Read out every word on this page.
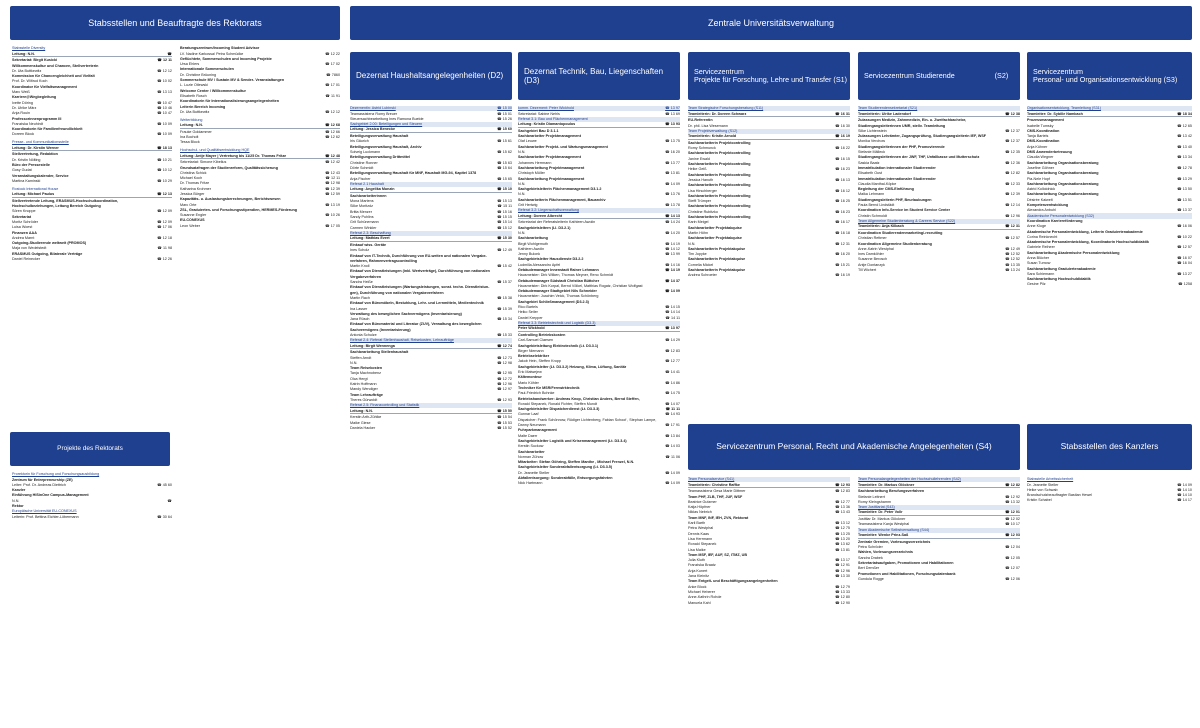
Stabsstellen und Beauftragte des Rektorats	Zentrale Universitätsverwaltung
Dezernat Haushaltsangelegenheiten (D2)
Dezernat Technik, Bau, Liegenschaften (D3)
Servicezentrum
Projekte für Forschung, Lehre und Transfer (S1)	Servicezentrum Studierende                    (S2)	Servicezentrum
Personal- und Organisationsentwicklung (S3)
Servicezentrum Personal, Recht und Akademische Angelegenheiten (S4)	Stabsstellen des Kanzlers
Projekte des Rektorats
Stabsstelle Diversity
Leitung: N.N.	☎
Sekretariat: Birgit Kusicki	☎ 12 11
Willkommenskultur und Chancen, Stellvertreterin
Dr. Uta Buttkewitz	☎ 12 12
Kommission für Chancengleichheit und Vielfalt
Prof. Dr. Wiltrud Koch	☎ 10 02
Koordinator für Vielfaltsmanagement
Marc Weiß	☎ 13 13
Karriere@Wegbegleitung
Ivette Döring	☎ 10 47
Dr. Ulrike März	☎ 10 46
Anja Rouin	☎ 10 47
Professorinnenprogramm III
Franziska Neuhirdt	☎ 10 09
Koordinatorin für Familienfreundlichkeit
Doreen Block	☎ 10 09
Presse- und Kommunikationsstelle
Leitung: Dr. Kirstin Werner	☎ 18 13
Stellvertretung, Redaktion
Dr. Kristin Nölting	☎ 10 21
Büro der Pressestelle
Gosy Gudat	☎ 10 12
Veranstaltungskalender, Service
Martina Kaminski	☎ 10 29
Rostock International House
Leitung: Michael Paulus	☎ 12 13
Stellvertretende Leitung, ERASMUS-Hochschulkoordination,
Hochschulbeziehungen, Leitung Bereich Outgoing
Sören Knoppe	☎ 12 09
Sekretariat
Moritz Schröder	☎ 12 09
Luisa Woest	☎ 17 06
Finanzen AAA
Andrea Marnt	☎ 12 18
Outgoing-Studierende weltweit (PROMOS)
Maja von Wedelstedt	☎ 11 98
ERASMUS Outgoing, Bilaterale Verträge
Daniel Reinecker	☎ 12 26
Beratungszentrum/Incoming Student Advisor
LV. Nadine Karkossa/ Petra Schmüdke	☎ 12 22
Geflüchtete, Sommerschulen und Incoming Projekte
Ursa Ehlers	☎ 17 02
Internationale Sommerschulen
Dr. Christine Brüuning	☎ 7860
Sommerschule MV / Sustain MV & Sender- Veranstaltungen
L. Luzie Otlewski	☎ 17 01
Welcome Center / Willkommenskultur
Elisabeth Rosch	☎ 11 91
Koordinatorin für Internationalisierungsangelegenheiten
Leiterin Bereich Incoming
Dr. Uta Buttkewitz	☎ 12 12
Weiterbildung
Leitung: N.N.	☎ 12 68
Frauke Goldammer	☎ 12 66
Ina Bocholt	☎ 12 62
Tessa Block
Hochschul- und Qualitätsentwicklung HQE
Leitung: Antje Mayer | Vertretung bis 11/25 Dr. Thomas Fritze	☎ 12 48
Sekretariat: Simone Kibellus	☎ 12 42
Grundsatzfragen der Studienreform, Qualitätssicherung
Christina Schick	☎ 12 43
Michael Koch	☎ 12 11
Dr. Thomas Fritze	☎ 12 98
Katharina Krohmer	☎ 12 39
Jessica Bürger	☎ 12 59
Kapazitäts- u. Auslastungsberechnungen, Berichtswesen
Marc Orte	☎ 13 19
ZSL, Graduierten- und Forschungsstipendien, HERMES-Förderung
Susanne Engler	☎ 10 26
EU-CONEXUS
Leon Weber	☎ 17 05
Prorektorin für Forschung und Forschungsausbildung
Zentrum für Entrepreneurship (ZE)
Leiter: Prof. Dr. Andreas Diettrich	☎ 45 60
Kanzler
Einführung HISinOne Campus-Management
N.N.	☎
Rektor
Europäische Universität EU-CONEXUS
Leiterin: Prof. Bettina Eichler-Löbermann	☎ 30 64
Dezernentin: Astrid Lubinski	☎ 15 00
Teamassistenz Romy Breuer	☎ 15 01
Steuersachbearbeitung Ines Ramona Buelde	☎ 15 26
Sachgebiet 2.00: Beteiligungen und Steuern
Leitung: Jessica Benecke	☎ 15 60
Beteiligungsverwaltung Haushalt
Iris Gäurich	☎ 15 61
Beteiligungsverwaltung Haushalt, Archiv
Solveig Luckmann	☎ 15 62
Beteiligungsverwaltung Drittmittel
Christine Ronner	☎ 15 63
Dörte Schmidt	☎ 15 64
Beteiligungsverwaltung Haushalt für MNF, Haushalt MG-94, Kapitel 1378
Anja Fischer	☎ 15 65
Referat 2.1 Haushalt
Leitung: Angelika Munzin	☎ 15 10
Sachbearbeiterinnen
Mona Martens	☎ 15 13
Silke Moritzdz	☎ 15 11
Britta Menzer	☎ 15 16
Sandy Puhlins	☎ 15 15
Grit Schünemann	☎ 15 14
Carmen Winkler	☎ 15 12
Referat 2.3: Beschaffung
Leitung: Mathias Evert	☎ 15 30
Einkauf wiss. Geräte
Ines Scholz	☎ 12 49
Einkauf von IT-Technik, Durchführung von EU-weiten und nationalen Vergabe-
verfahren, Rahmenvertragscontrolling
Martin Knoll	☎ 15 42
Einkauf von Dienstleistungen (inkl. Wertverträge), Durchführung von nationalen
Vergabeverfahren
Sandra Heiße	☎ 15 37
Einkauf von Dienstleistungen (Wartungsleistungen, sonst. techn. Dienstleistun-
gen), Durchführung von nationalen Vergabeverfahren
Martin Rach	☎ 15 38
Einkauf von Büromöbeln, Bestuhlung, Lehr- und Lernmitteln, Medientechnik
Ina Lasser	☎ 15 39
Verwaltung des beweglichen Sachvermögens (Inventarisierung)
Jana Rüsch	☎ 15 34
Einkauf von Büromaterial und Literatur (ZUV), Verwaltung des beweglichen
Sachvermögens (Inventarisierung)
Antonia Schulze	☎ 15 33
Referat 2.4: Referat Stellenhaushalt, Reisekosten, Lehraufträge
Leitung: Birgit Wennenga	☎ 12 74
Sachbearbeitung Stellenhaushalt
Steffen Arndt	☎ 12 73
N.N.	☎ 12 98
Team Reisekosten
Tanja Machnobenz	☎ 12 95
Olca Hergt	☎ 12 72
Katrin Hoffmann	☎ 12 96
Mandy Wendiger	☎ 12 97
Team Lehraufträge
Theres Gürwoldt	☎ 12 93
Referat 2.5: Finanzcontrolling und Statistik
Leitung: N.N.	☎ 15 50
Kerstin Arth-Zühlke	☎ 15 54
Maike Giese	☎ 15 53
Daniela Hacker	☎ 15 52
komm. Dezernent: Peter Wickhold	☎ 13 97
Sekretariat: Sabine Nehls	☎ 13 69
Referat 3.1: Bau und Flächenmanagement
Leitung: Kristin Diamantopoulos	☎ 13 93
Sachgebiet Bau D 3.1.1
Sachbearbeiter Projektmanagement
Olaf Leuwe	☎ 13 75
Sachbearbeiter Projekt- und Wartungsmanagement
N.N.	☎ 16 20
Sachbearbeiter Projektmanagement
Johannes Herrmann	☎ 13 77
Sachbearbeitung Projektmanagement
Christoph Müller	☎ 13 81
Sachbearbeitung Projektmanagement
N.N.	☎ 14 09
Sachgebietsleiterin Flächenmanagement D3.1.2
N.N.	☎ 13 76
Sachbearbeiterin Flächenmanagement, Bauarchiv
Grit Hertwig	☎ 13 78
Referat 3.2: Liegenschaftsverwaltung
Leitung: Doreen Albrecht	☎ 14 13
Sekretariat der Referatsleiterin Kathleen Awolin	☎ 14 24
Sachgebietsleitern (LI. D3.2.1)
N.N.	☎ 14 20
Sachbearbeitung
Birgit Wohlgemuth	☎ 14 19
Kathleen Awolin	☎ 14 12
Jenny Bulonk	☎ 13 99
Sachgebietsleiter Hausdienste D3.2.2
Ludmilla Alessandro Apfel	☎ 14 16
Gebäudemanager Innenstadt Rainer Lehmann	☎ 14 19
Hausmeister: Dirk Wilken, Thomas Meyner, Reno Schmidt
Gebäudemanager Südstadt Christian Büttcher	☎ 14 37
Hausmeister: Dirk Korpal, Bernd Völkel, Matthias Rogatz, Christian Wolfgast
Gebäudemanager Stadtgebiet Nils Schneider	☎ 14 09
Hausmeister: Joachim Veick, Thomas Schönberg
Sachgebiet Schließmanagement (D3.2.3)
Rico Bartels	☎ 14 15
Heiko Seiler	☎ 14 14
Daniel Krepper	☎ 14 11
Referat 3.3: Betriebstechnik und Logistik (D3.3)
Peter Wickhold	☎ 13 97
Controlling Betriebskosten
Carl-Samuel Claesen	☎ 14 29
Sachgebietsleitung Elektrotechnik (Lt. D3.3.1)
Birger Niemann	☎ 12 83
Betriebselektriker
Jakob Hein, Steffen Kropp	☎ 12 77
Sachgebietsleiter (Lt. D3.3.2) Heizung, Klima, Lüftung, Sanitär
Eric Matwejew	☎ 14 41
Kältemonteur
Mario Köhler	☎ 14 86
Techniker für MSR/Fernwirktechnik
Paul-Friedrich Bohnke	☎ 14 75
Betriebshandwerker: Andreas Knop, Christian Anders, Bernd Steffen,
Ronald Stepanek, Ronald Fichter, Steffen Mundt	☎ 14 07
Sachgebietsleiter Dispatcherdienst (Lt. D3.3.3)	☎ 11 11
Gunnar Laaf	☎ 14 93
Dispatcher: Frank Schönnow, Rüdiger Lichtenberg, Fabian Schoof , Stephan Lampe,
Danny Neumann	☎ 17 91
Fuhrparkmanagement
Malte Daerr	☎ 13 84
Sachgebietsleiter Logistik und Krisenmanagement (Lt. D3.3.4)
Kerstin Suckow	☎ 14 03
Sachbearbeiter
Norman Zühow	☎ 11 06
Mitarbeiter: Stefan Göhring, Steffen Manthe , Michael Frenzel, N.N.
Sachgebietsleiter Sonderabfallentsorgung (Lt. D3.3.5)
Dr. Jeanette Steller	☎ 14 09
Abfallentsorgung: Sonderabfälle, Entsorgungsfahrten
Nick Hartmann	☎ 14 09
Team Strategische Forschungsberatung (S11)
Teamleiterin: Dr. Doreen Schwarz	☎ 16 31
EU-Referentin
Dr. phil. Lisa Wesemann	☎ 16 30
Team Projektverwaltung (S12)
Teamleiterin: Kristin Arnold	☎ 16 19
Sachbearbeiterin Projektcontrolling
Romy Schmunck	☎ 16 22
Sachbearbeiterin Projektcontrolling
Janine Ewald	☎ 16 15
Sachbearbeiterin Projektcontrolling
Heike Geiß	☎ 16 23
Sachbearbeiterin Projektcontrolling
Jessica Hanuth	☎ 16 13
Sachbearbeiterin Projektcontrolling
Lisa Hirschberger	☎ 16 12
Sachbearbeiterin Projektcontrolling
Steffi Trümper	☎ 16 25
Sachbearbeiterin Projektcontrolling
Christine Rubitzko	☎ 16 23
Sachbearbeiterin Projektcontrolling
Karin Meigel	☎ 16 17
Sachbearbeiter Projektakquise
Martin Höhn	☎ 16 18
Sachbearbeiter Projektakquise
N.N.	☎ 12 31
Sachbearbeiterin Projektakquise
Tim Jopyke	☎ 16 20
Sachbearbeiterin Projektakquise
Cornelia Mickel	☎ 15 21
Sachbearbeiterin Projektakquise
Andrea Schroeter	☎ 16 19
Team Studierendensekretariat (S21)
Teamleiterin: Ulrike Ladendorf	☎ 12 38
Zulassungen Medizin, Zahnmedizin, Ein- u. Zweifachbachelor,
Studiengangsleiterinnen UMR, stellv. Teamleitung
Silke Lichtenstein	☎ 12 37
Zulassungen Lehrämter, Zugangsprüfung, Studiengangsleiterin IEF, WSF
Monika Verchow	☎ 12 37
Studiengangsleiterinnen der PHF, Promovierende
Stefanie Mälleck	☎ 12 35
Studiengangsleiterinnen der JWF, THF, Unfallkasse und Mutterschutz
Saskia Baatz	☎ 12 36
Immatrikulation internationaler Studierender
Elisabeth Oust	☎ 12 82
Immatrikulation internationaler Studierender
Claudia Manthal-Köpke	☎ 12 33
Begleitung der CMS-Einführung
Maika Lehmann	☎ 12 39
Studiengangsleiterin PHF, Beurlaubungen
Paula Bernd Lindstädt	☎ 12 14
Koordination Info-Service im Student Service Center
Christin Schmoldt	☎ 12 96
Team Allgemeine Studienberatung & Careers Service (S22)
Teamleiterin: Anja Kilbach	☎ 12 31
Koordination Studierendenmarketing/-recruiting
Christian Rettmer	☎ 12 57
Koordination Allgemeine Studienberatung
Anne-Katrin Westphal	☎ 12 49
Ines Damköhler	☎ 12 52
Susanne Berosch	☎ 12 52
Antje Dontanzyk	☎ 13 35
Till Wichert	☎ 13 24
Organisationsentwicklung, Teamleitung (S31)
Teamleiter: Dr. Sybille Nambach	☎ 18 34
Prozessmanagement
Isabelle Tumsky	☎ 12 65
CMS-Koordination
Tanja Bartels	☎ 13 42
DMS-Koordination
Anja Kühner	☎ 13 40
DMS Anwenderbetreuung
Claudia Wegner	☎ 13 34
Sachbearbeitung Organisationsberatung
Josefine Göhner	☎ 12 78
Sachbearbeitung Organisationsberatung
Pia-Nele Hopf	☎ 13 29
Sachbearbeitung Organisationsberatung
Astrid Kolloidnick	☎ 13 50
Sachbearbeitung Organisationsberatung
Désirée Kaiwelt	☎ 13 51
Kompetenzentwicklung
Alexandra Anbuhl	☎ 13 37
Akademische Personalentwicklung (S32)
Koordination Karriereförderung
Anne Kluge	☎ 16 06
Akademische Personalentwicklung, Leiterin Graduiertenakademie
Corina Reinknecht	☎ 10 22
Akademische Personalentwicklung, Koordinatorin Hochschuldidaktik
Gabriele Reiheer	☎ 12 57
Sachbearbeitung Akademische Personalentwicklung
Anna Blücher	☎ 16 07
Susan Tumow	☎ 16 04
Sachbearbeitung Graduiertenakademie
Sara Schiemann	☎ 13 27
Sachbearbeitung Hochschuldidaktik
Gesine Pilz	☎ 1258
Team Personalservice (S41)
Teamleiterin: Christine Raffke	☎ 12 93
Teamassistenz Gesa Marie Dittmer	☎ 12 83
Team PHF, ZLB, THF, JUF, WSF
Beatrice Gutzmer	☎ 12 77
Katja Höpfner	☎ 13 36
Niklas Nebrich	☎ 13 43
Team MNF, INF, IEH, ZVN, Rektorat
Karli Barth	☎ 13 12
Petra Westphal	☎ 12 75
Dennis Kaas	☎ 13 25
Lisa Herrmann	☎ 13 20
Ronald Stepanek	☎ 13 62
Lisa Maike	☎ 13 81
Team MSF, IEF, AUF, SZ, ITMZ, UB
Julia Kluth	☎ 13 17
Franziska Braatz	☎ 12 91
Anja Kunert	☎ 12 96
Jana Kleinitz	☎ 13 30
Team Entgelt- und Beschäftigungsangelegenheiten
Anke Block	☎ 12 79
Michael Heberer	☎ 13 33
Anne-Kathrin Rohde	☎ 12 80
Manuela Kahl	☎ 12 90
Team Personalangelegenheiten der Hochschullehrenden (S42)
Teamleiter: Dr. Markus Glöckner	☎ 12 82
Sachbearbeitung Berufungsverfahren
Stefanie Leitnert	☎ 12 92
Romy Kleingshamm	☎ 13 32
Team Justitiariat (S43)
Teamleiter: Dr. Peter Vollr	☎ 12 01
Justitiar Dr. Markus Glöckner	☎ 12 02
Teamassistenz Kanja Westphal	☎ 10 17
Team Akademische Selbstverwaltung (S44)
Teamleiter: Wenke Prinz-Saß	☎ 12 03
Zentrale Gremien, Vorlesungsverzeichnis
Petra Schröder	☎ 12 04
Wahlen, Vorlesungsverzeichnis
Sandra Drabek	☎ 12 05
Sekretariatsaufgaben, Promotionen und Habilitationen
Bert Demßer	☎ 12 07
Promotionen und Habilitationen, Forschungsdatenbank
Gundula Rogge	☎ 12 06
Stabsstelle Arbeitssicherheit
Dr. Jeanette Steller	☎ 14 09
Heike von Schwab	☎ 14 10
Brandschutzbeauftragter Bastian Hewel	☎ 14 10
Kristin Schabel	☎ 14 17
